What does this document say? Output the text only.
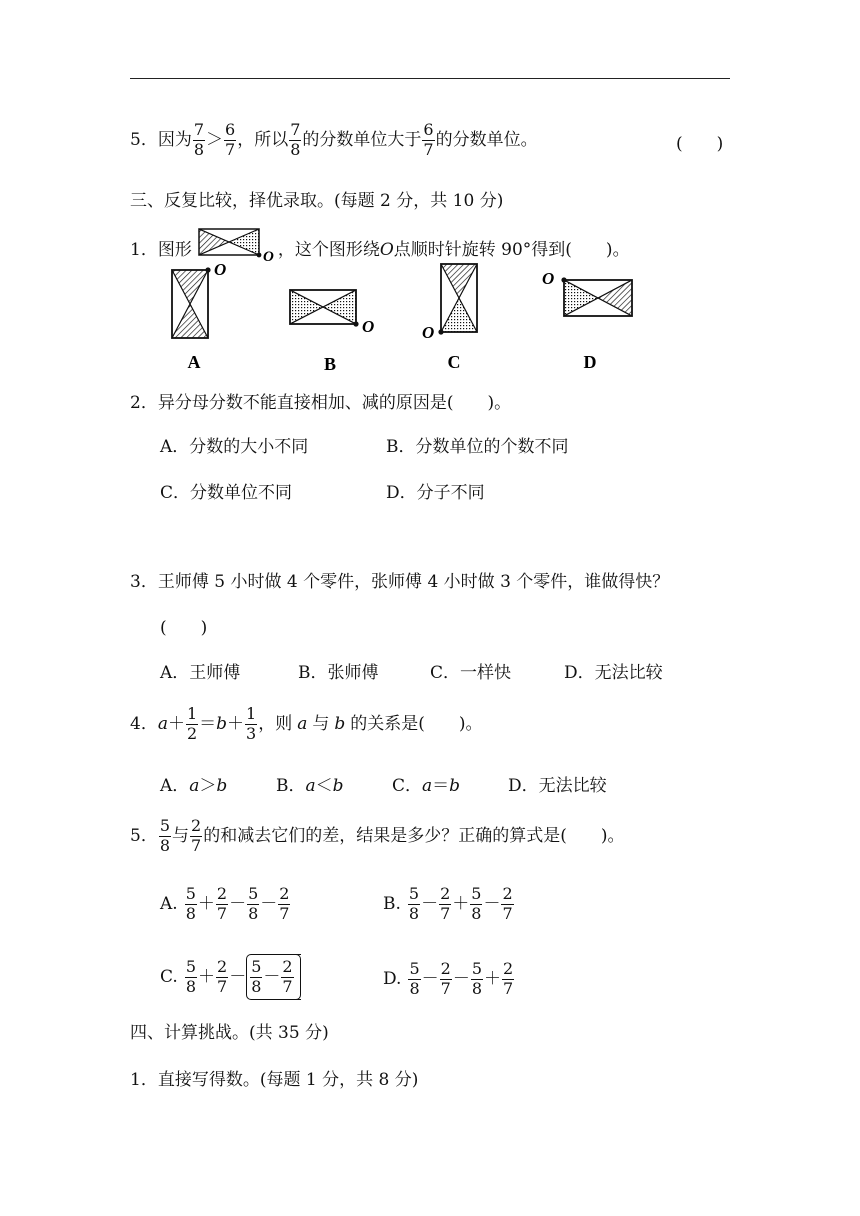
5． 因为 $\frac{7}{8} > \frac{6}{7}$ ，所以 $\frac{7}{8}$ 的分数单位大于 $\frac{6}{7}$ 的分数单位。	(　　)
三、反复比较，择优录取。(每题 2 分，共 10 分)
1． 图形	O ，这个图形绕 O 点顺时针旋转 90°得到(　　)。
O
A
O
B
O
C
O
D
2．异分母分数不能直接相加、减的原因是(　　)。
A．分数的大小不同	B．分数单位的个数不同
C．分数单位不同	D．分子不同
3．王师傅 5 小时做 4 个零件，张师傅 4 小时做 3 个零件，谁做得快？
(　　)
A．王师傅	B．张师傅	C．一样快	D．无法比较
4． $a + \frac{1}{2} = b + \frac{1}{3}$ ，则 a 与 b 的关系是(　　)。
A．a＞b	B．a＜b	C．a＝b	D．无法比较
5． $\frac{5}{8}$ 与 $\frac{2}{7}$ 的和减去它们的差，结果是多少？正确的算式是(　　)。
A. $\frac{5}{8} + \frac{2}{7} - \frac{5}{8} - \frac{2}{7}$	B. $\frac{5}{8} - \frac{2}{7} + \frac{5}{8} - \frac{2}{7}$
C. $\frac{5}{8} + \frac{2}{7} - \frac{5}{8} - \frac{2}{7}$	D. $\frac{5}{8} - \frac{2}{7} - \frac{5}{8} + \frac{2}{7}$
四、计算挑战。(共 35 分)
1．直接写得数。(每题 1 分，共 8 分)
